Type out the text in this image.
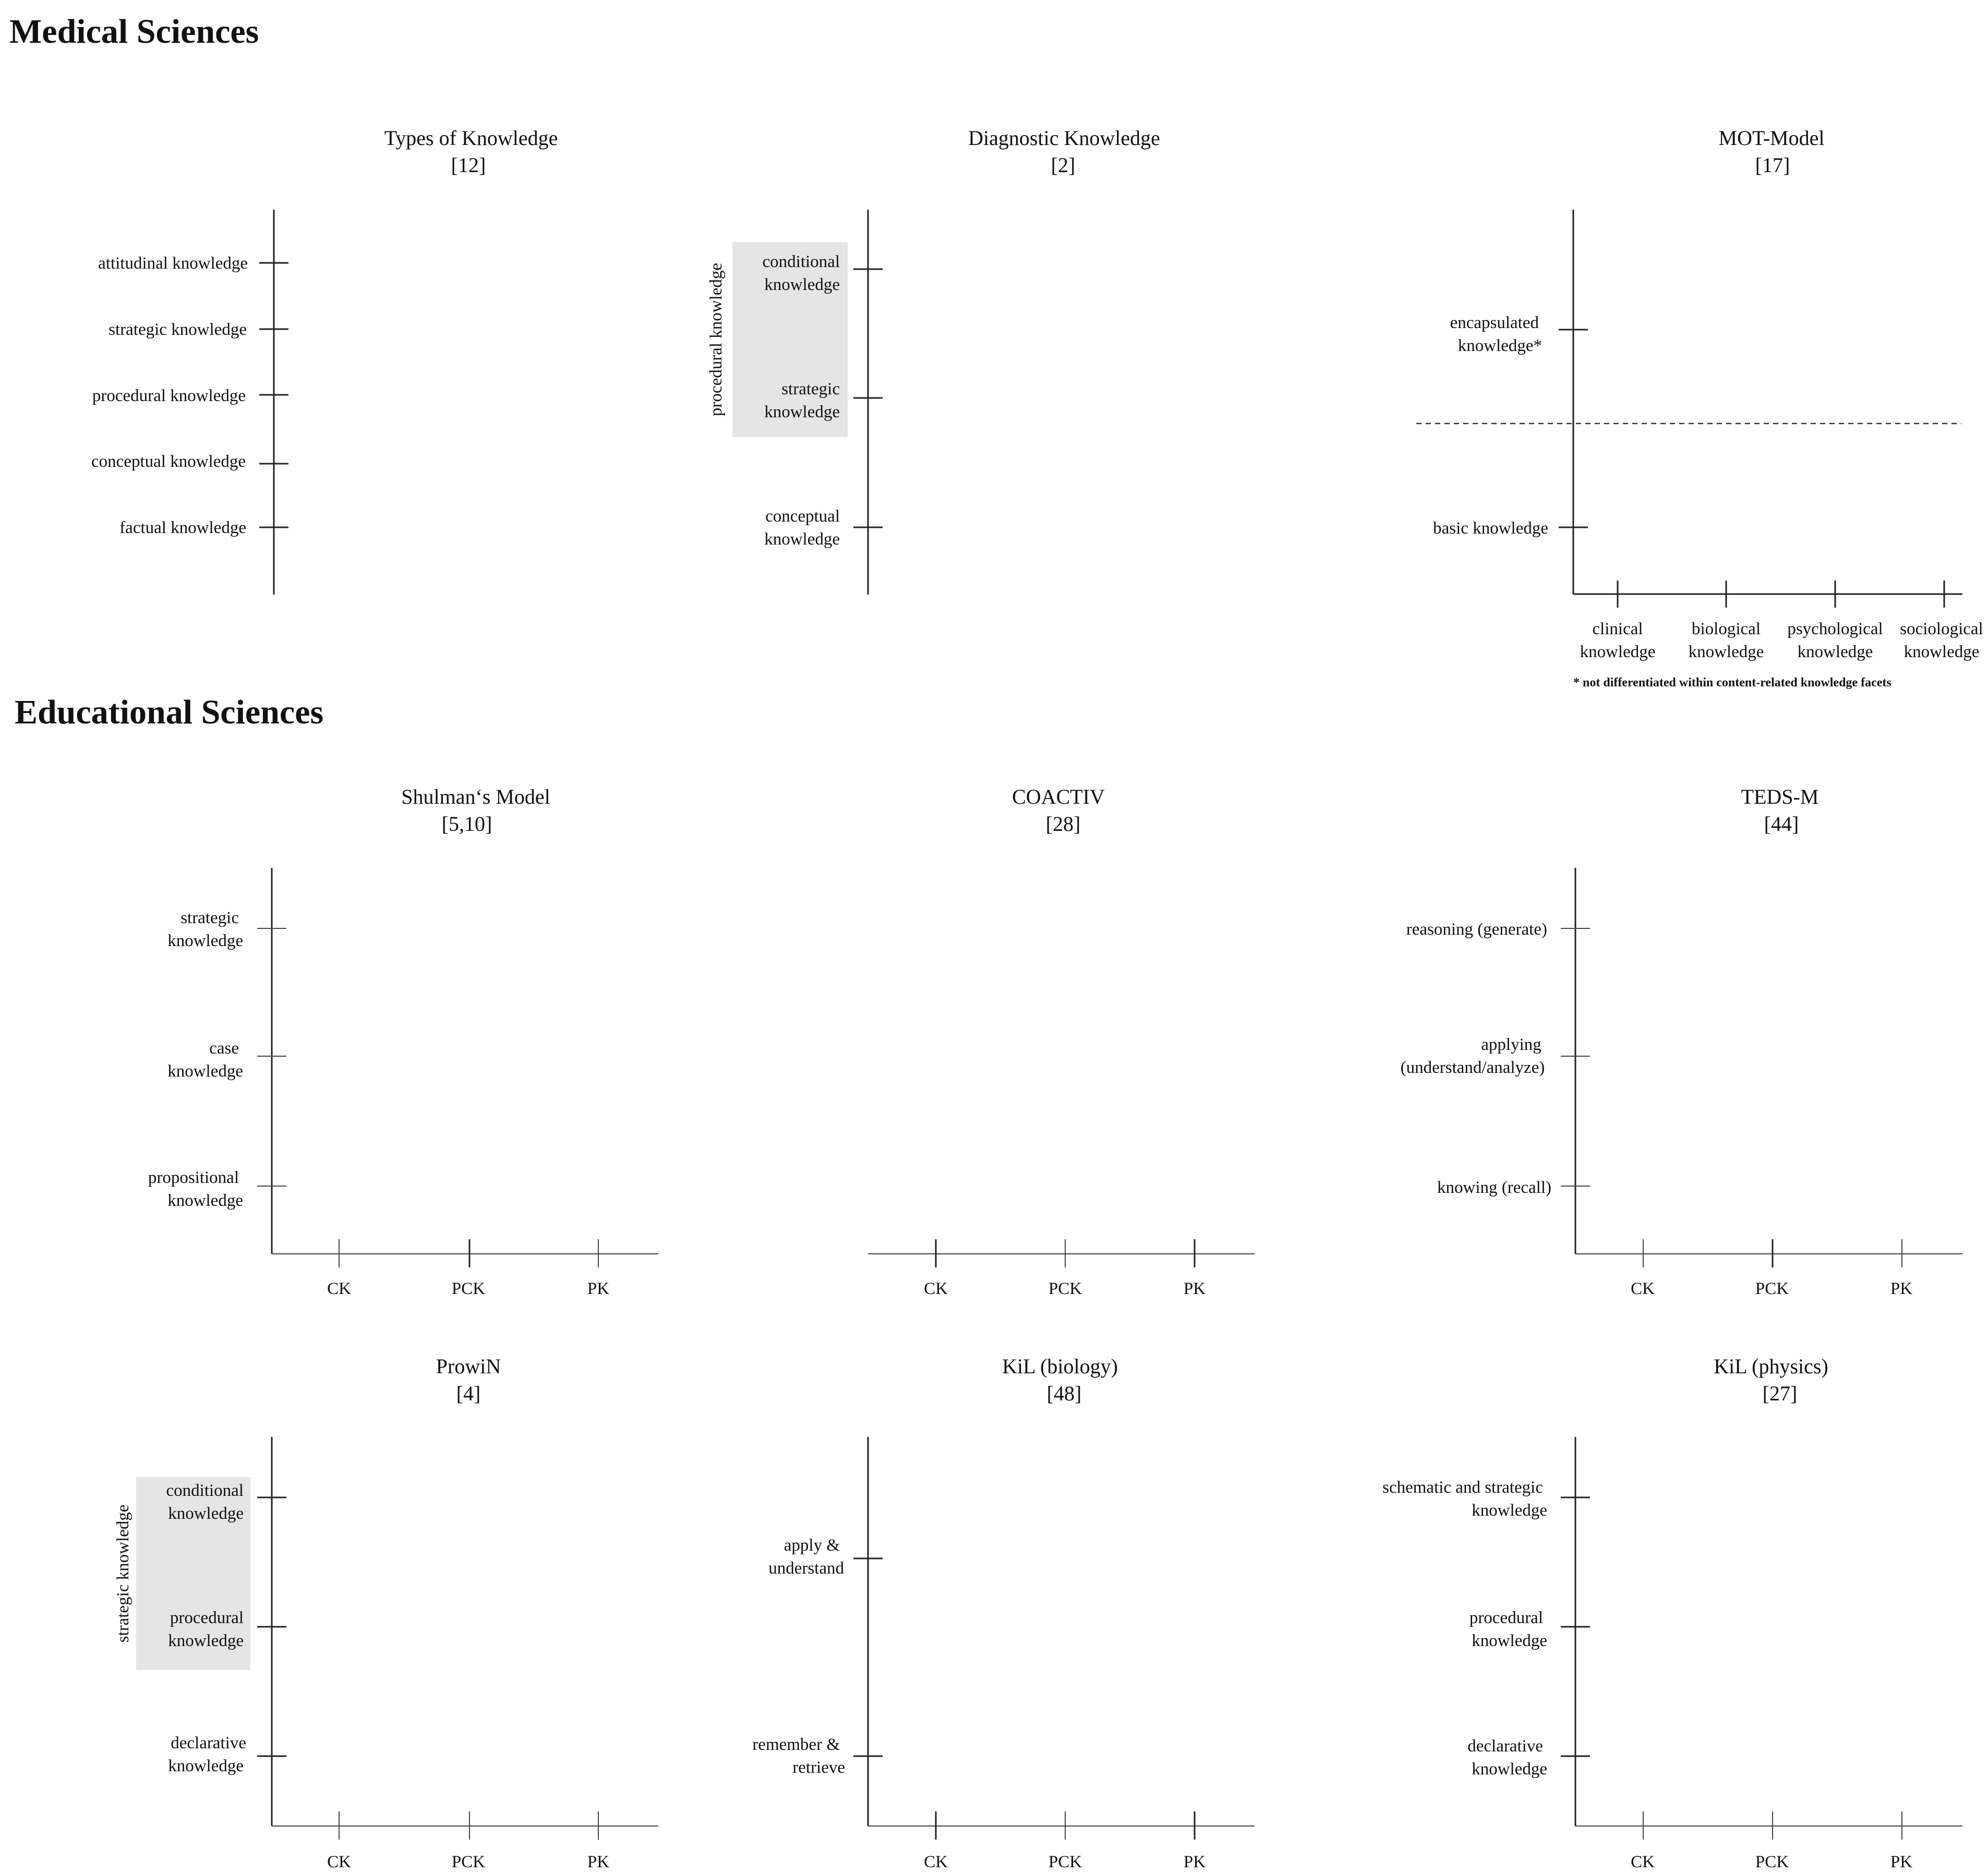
Medical Sciences
Educational Sciences
Types of Knowledge
[12]
attitudinal knowledge
strategic knowledge
procedural knowledge
conceptual knowledge
factual knowledge
Diagnostic Knowledge
[2]
procedural knowledge
conditional
knowledge
strategic
knowledge
conceptual
knowledge
MOT-Model
[17]
encapsulated
knowledge*
basic knowledge
clinical
knowledge
biological
knowledge
psychological
knowledge
sociological
knowledge
* not differentiated within content-related knowledge facets
Shulman‘s Model
[5,10]
strategic
knowledge
case
knowledge
propositional
knowledge
CK	PCK	PK
COACTIV
[28]
CK	PCK	PK
TEDS-M
[44]
reasoning (generate)
applying
(understand/analyze)
knowing (recall)
CK	PCK	PK
ProwiN
[4]
strategic knowledge
conditional
knowledge
procedural
knowledge
declarative
knowledge
CK	PCK	PK
KiL (biology)
[48]
apply &
understand
remember &
retrieve
CK	PCK	PK
KiL (physics)
[27]
schematic and strategic
knowledge
procedural
knowledge
declarative
knowledge
CK	PCK	PK
